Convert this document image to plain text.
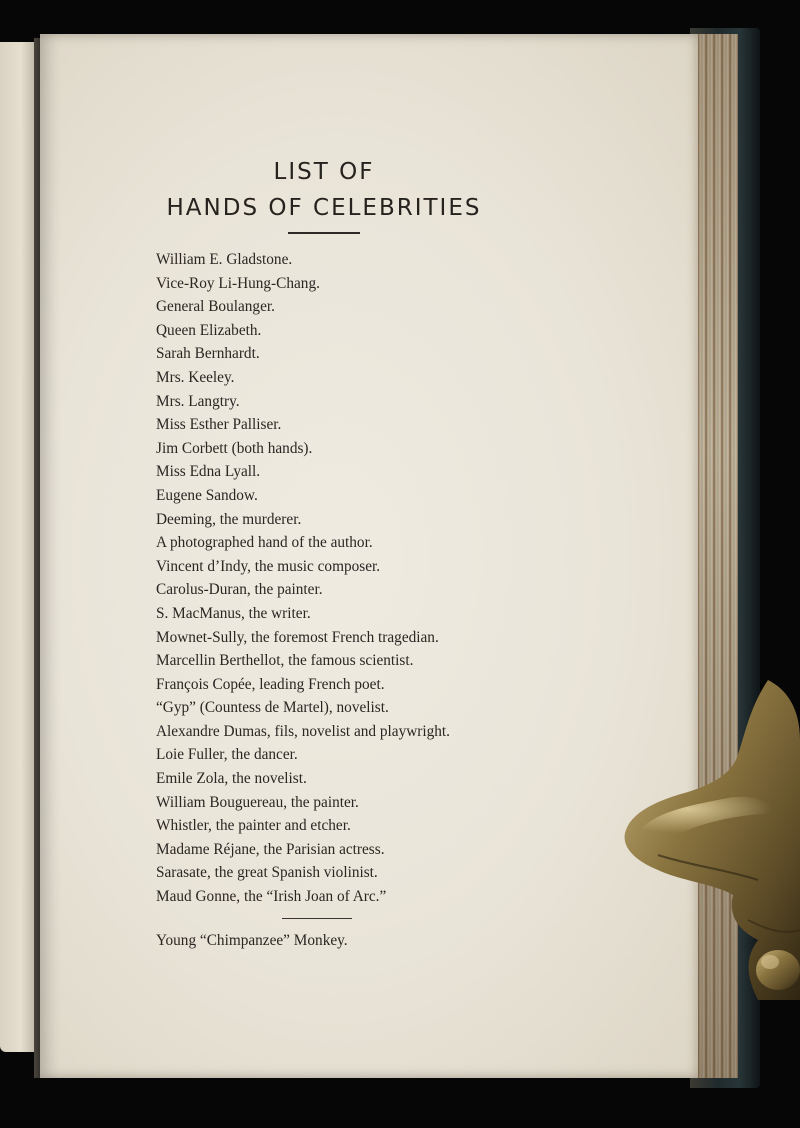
LIST OF
HANDS OF CELEBRITIES
William E. Gladstone.
Vice-Roy Li-Hung-Chang.
General Boulanger.
Queen Elizabeth.
Sarah Bernhardt.
Mrs. Keeley.
Mrs. Langtry.
Miss Esther Palliser.
Jim Corbett (both hands).
Miss Edna Lyall.
Eugene Sandow.
Deeming, the murderer.
A photographed hand of the author.
Vincent d’Indy, the music composer.
Carolus-Duran, the painter.
S. MacManus, the writer.
Mownet-Sully, the foremost French tragedian.
Marcellin Berthellot, the famous scientist.
François Copée, leading French poet.
“Gyp” (Countess de Martel), novelist.
Alexandre Dumas, fils, novelist and playwright.
Loie Fuller, the dancer.
Emile Zola, the novelist.
William Bouguereau, the painter.
Whistler, the painter and etcher.
Madame Réjane, the Parisian actress.
Sarasate, the great Spanish violinist.
Maud Gonne, the “Irish Joan of Arc.”
Young “Chimpanzee” Monkey.
